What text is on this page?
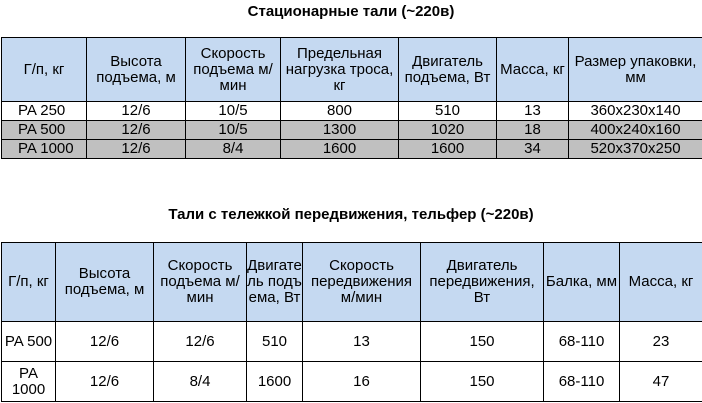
Стационарные тали (~220в)
Г/п, кг	Высота подъема, м	Скорость подъема м/мин	Предельная нагрузка троса, кг	Двигатель подъема, Вт	Масса, кг	Размер упаковки, мм
PA 250	12/6	10/5	800	510	13	360x230x140
PA 500	12/6	10/5	1300	1020	18	400x240x160
PA 1000	12/6	8/4	1600	1600	34	520x370x250
Тали с тележкой передвижения, тельфер (~220в)
Г/п, кг	Высота подъема, м	Скорость подъема м/мин	Двигатель подъема, Вт	Скорость передвижения м/мин	Двигатель передвижения, Вт	Балка, мм	Масса, кг
PA 500	12/6	12/6	510	13	150	68-110	23
PA 1000	12/6	8/4	1600	16	150	68-110	47
